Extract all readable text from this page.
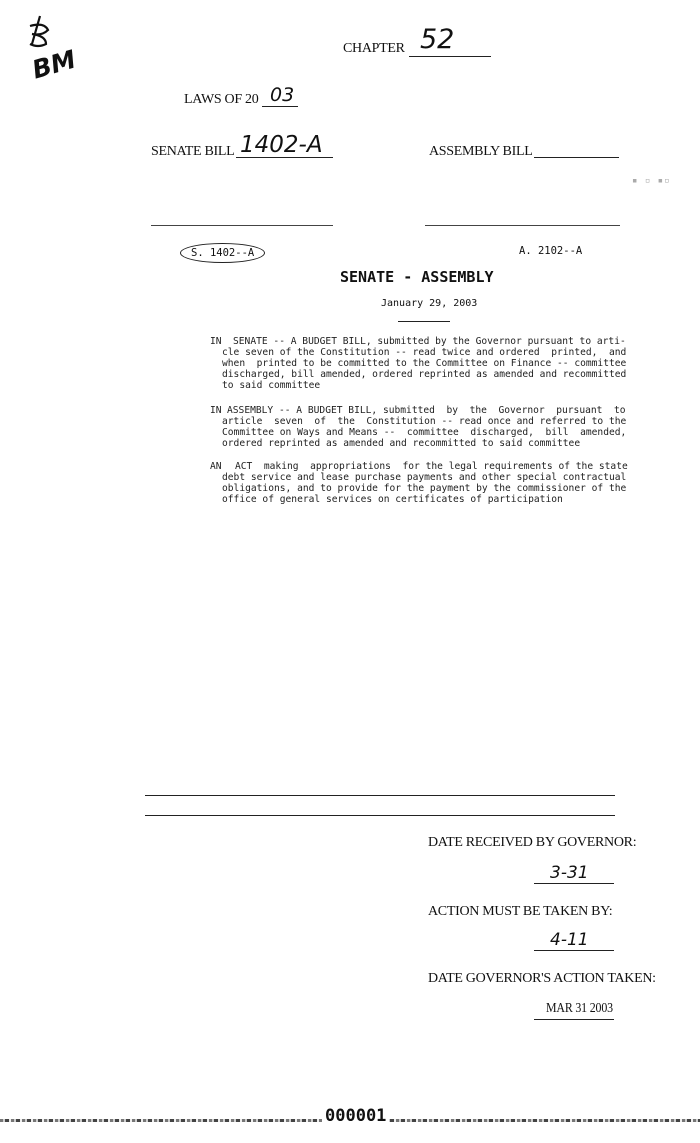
BM	CHAPTER 52
LAWS OF 20 03
SENATE BILL 1402-A	ASSEMBLY BILL
▪ ▫ ▪▫
S. 1402--A	A. 2102--A
SENATE - ASSEMBLY
January 29, 2003
IN SENATE -- A BUDGET BILL, submitted by the Governor pursuant to arti-
cle seven of the Constitution -- read twice and ordered  printed,  and
when  printed to be committed to the Committee on Finance -- committee
discharged, bill amended, ordered reprinted as amended and recommitted
to said committee
IN ASSEMBLY -- A BUDGET BILL, submitted  by  the  Governor  pursuant  to
article  seven  of  the  Constitution -- read once and referred to the
Committee on Ways and Means --  committee  discharged,  bill  amended,
ordered reprinted as amended and recommitted to said committee
AN ACT  making  appropriations  for the legal requirements of the state
debt service and lease purchase payments and other special contractual
obligations, and to provide for the payment by the commissioner of the
office of general services on certificates of participation
DATE RECEIVED BY GOVERNOR:
3-31
ACTION MUST BE TAKEN BY:
4-11
DATE GOVERNOR'S ACTION TAKEN:
MAR 31 2003
000001
